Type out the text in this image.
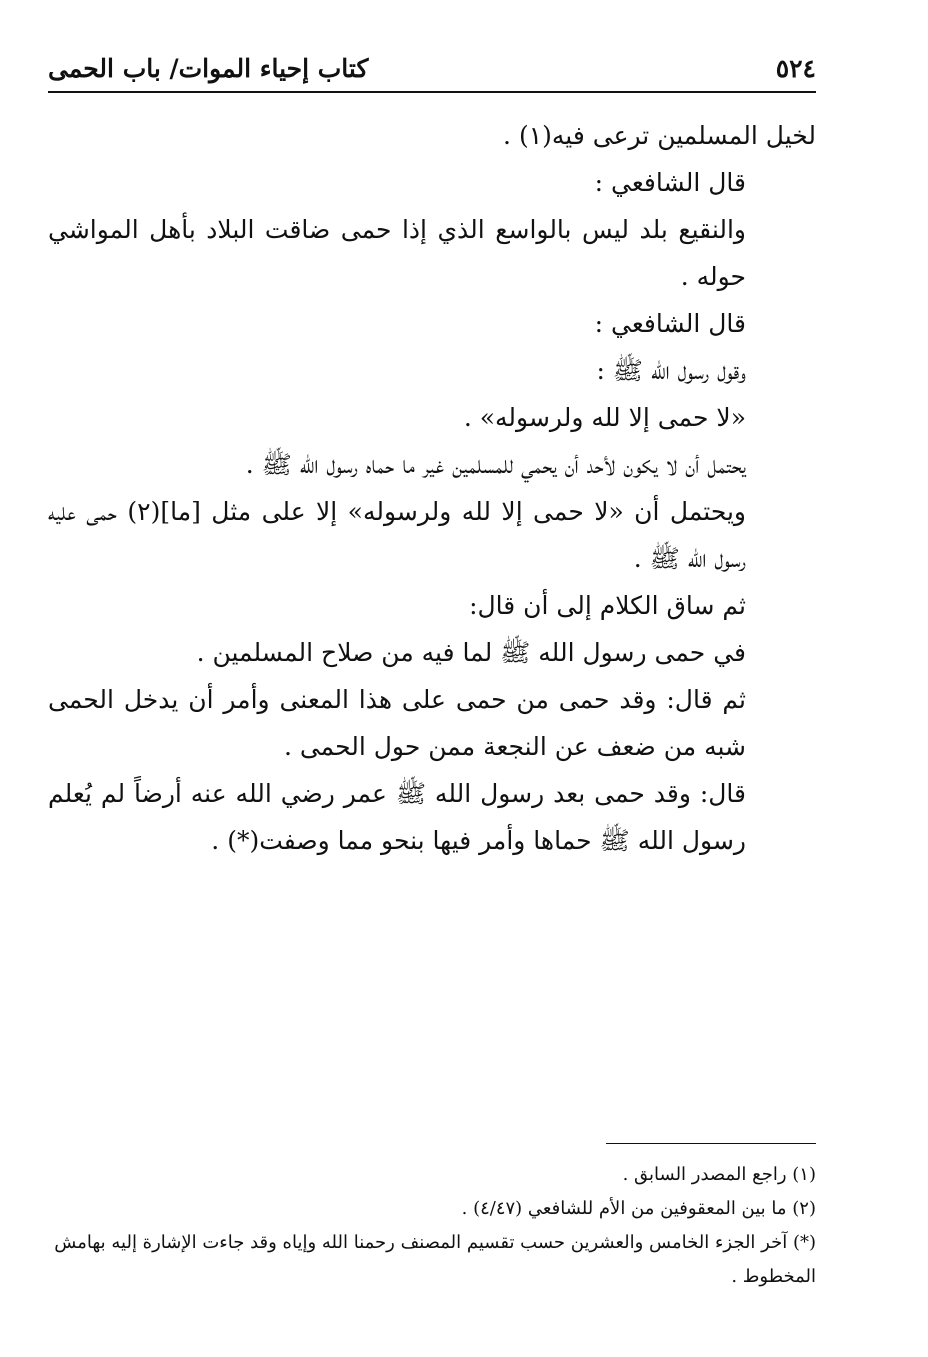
٥٢٤
كتاب إحياء الموات/ باب الحمى

لخيل المسلمين ترعى فيه(١) .

قال الشافعي :

والنقيع بلد ليس بالواسع الذي إذا حمى ضاقت البلاد بأهل المواشي حوله .

قال الشافعي :

وقول رسول الله ﷺ :

«لا حمى إلا لله ولرسوله» .

يحتمل أن لا يكون لأحد أن يحمي للمسلمين غير ما حماه رسول الله ﷺ .

ويحتمل أن «لا حمى إلا لله ولرسوله» إلا على مثل [ما](٢) حمى عليه رسول الله ﷺ .

ثم ساق الكلام إلى أن قال:

في حمى رسول الله ﷺ لما فيه من صلاح المسلمين .

ثم قال: وقد حمى من حمى على هذا المعنى وأمر أن يدخل الحمى شبه من ضعف عن النجعة ممن حول الحمى .

قال: وقد حمى بعد رسول الله ﷺ عمر رضي الله عنه أرضاً لم يُعلم رسول الله ﷺ حماها وأمر فيها بنحو مما وصفت(*) .

(١) راجع المصدر السابق .

(٢) ما بين المعقوفين من الأم للشافعي (٤/٤٧) .

(*) آخر الجزء الخامس والعشرين حسب تقسيم المصنف رحمنا الله وإياه وقد جاءت الإشارة إليه بهامش المخطوط .
